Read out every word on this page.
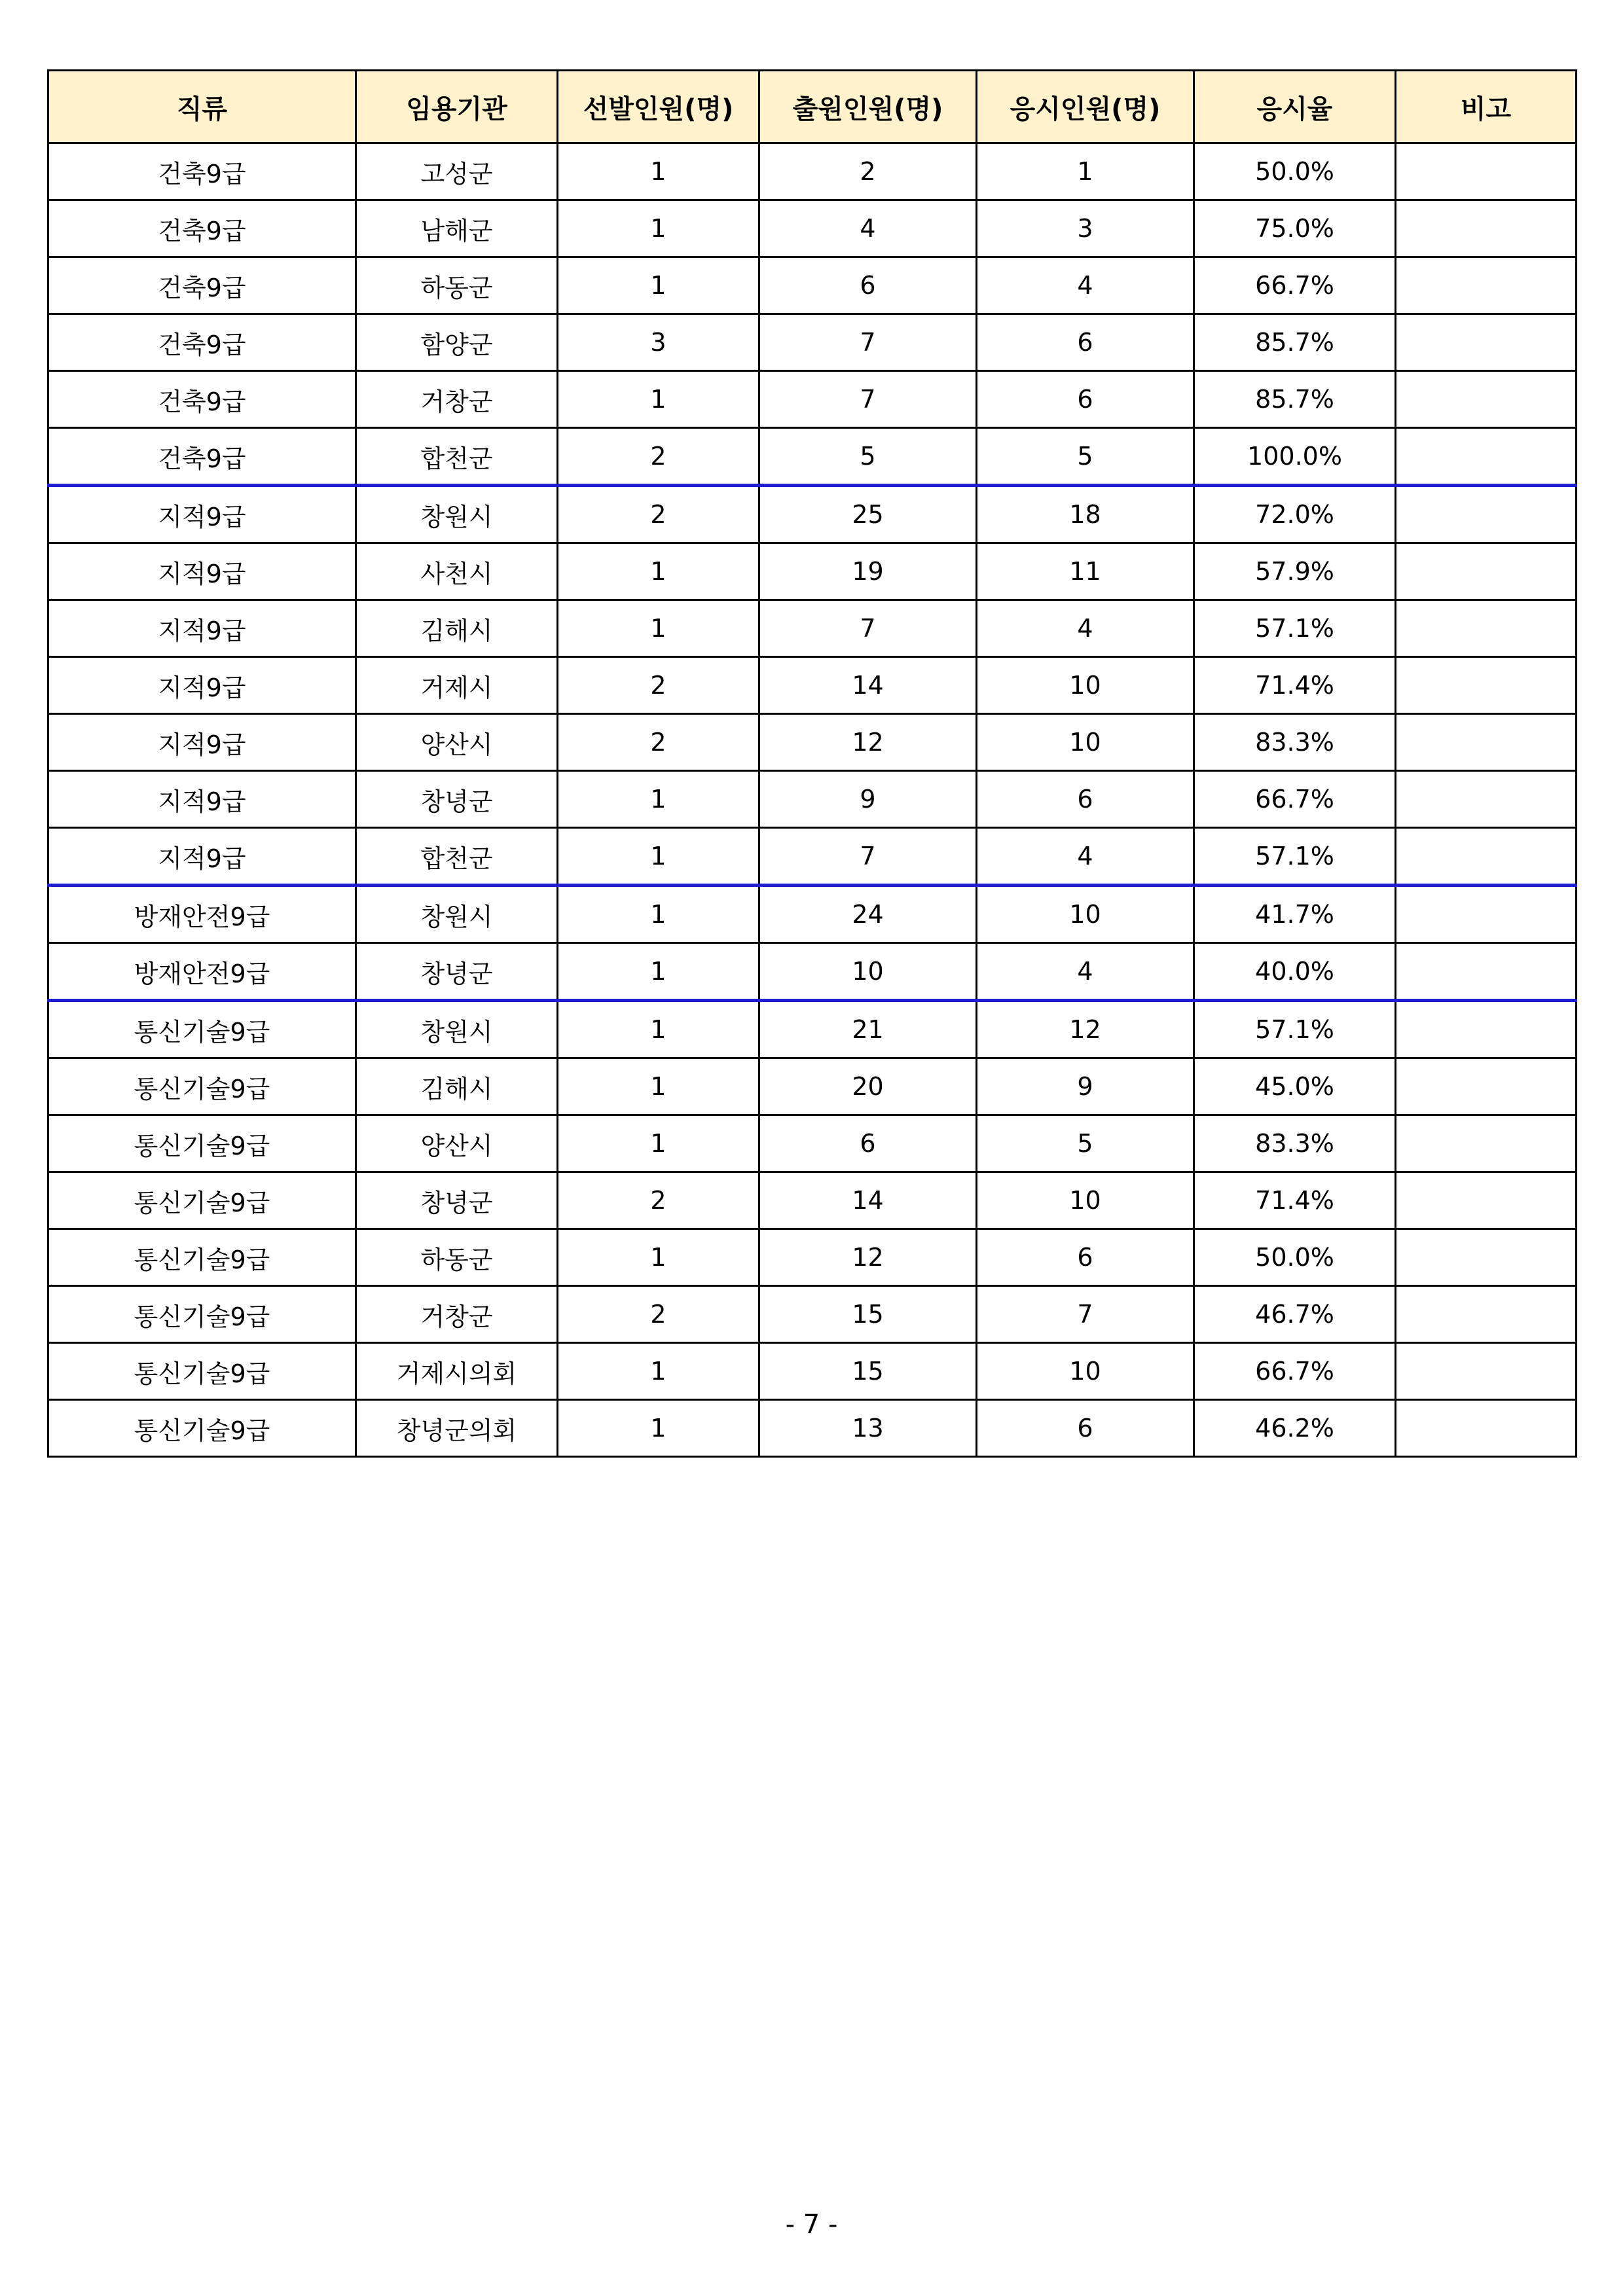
직류	임용기관	선발인원(명)	출원인원(명)	응시인원(명)	응시율	비고
건축9급	고성군	1	2	1	50.0%	
건축9급	남해군	1	4	3	75.0%	
건축9급	하동군	1	6	4	66.7%	
건축9급	함양군	3	7	6	85.7%	
건축9급	거창군	1	7	6	85.7%	
건축9급	합천군	2	5	5	100.0%	
지적9급	창원시	2	25	18	72.0%	
지적9급	사천시	1	19	11	57.9%	
지적9급	김해시	1	7	4	57.1%	
지적9급	거제시	2	14	10	71.4%	
지적9급	양산시	2	12	10	83.3%	
지적9급	창녕군	1	9	6	66.7%	
지적9급	합천군	1	7	4	57.1%	
방재안전9급	창원시	1	24	10	41.7%	
방재안전9급	창녕군	1	10	4	40.0%	
통신기술9급	창원시	1	21	12	57.1%	
통신기술9급	김해시	1	20	9	45.0%	
통신기술9급	양산시	1	6	5	83.3%	
통신기술9급	창녕군	2	14	10	71.4%	
통신기술9급	하동군	1	12	6	50.0%	
통신기술9급	거창군	2	15	7	46.7%	
통신기술9급	거제시의회	1	15	10	66.7%	
통신기술9급	창녕군의회	1	13	6	46.2%	
- 7 -
